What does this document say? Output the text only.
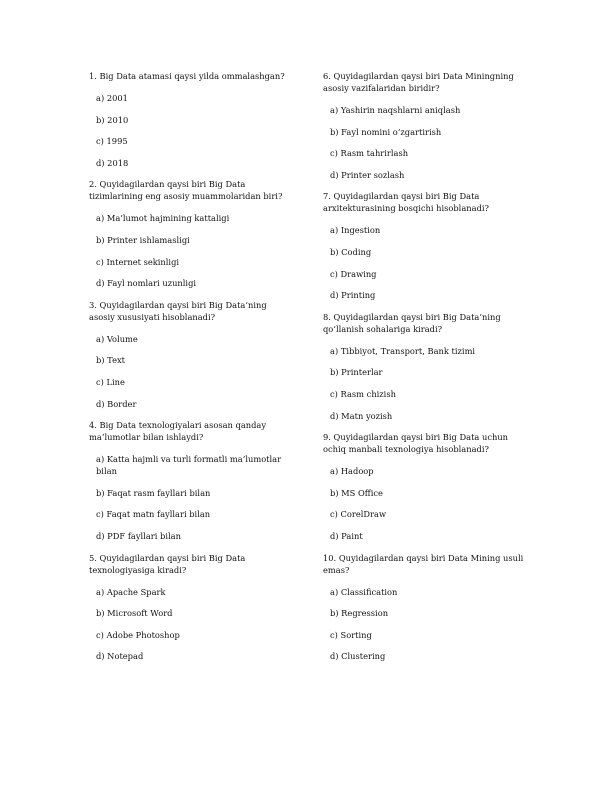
1. Big Data atamasi qaysi yilda ommalashgan?
a) 2001
b) 2010
c) 1995
d) 2018
2. Quyidagilardan qaysi biri Big Data tizimlarining eng asosiy muammolaridan biri?
a) Ma’lumot hajmining kattaligi
b) Printer ishlamasligi
c) Internet sekinligi
d) Fayl nomlari uzunligi
3. Quyidagilardan qaysi biri Big Data’ning asosiy xususiyati hisoblanadi?
a) Volume
b) Text
c) Line
d) Border
4. Big Data texnologiyalari asosan qanday ma’lumotlar bilan ishlaydi?
a) Katta hajmli va turli formatli ma’lumotlar bilan
b) Faqat rasm fayllari bilan
c) Faqat matn fayllari bilan
d) PDF fayllari bilan
5. Quyidagilardan qaysi biri Big Data texnologiyasiga kiradi?
a) Apache Spark
b) Microsoft Word
c) Adobe Photoshop
d) Notepad
6. Quyidagilardan qaysi biri Data Miningning asosiy vazifalaridan biridir?
a) Yashirin naqshlarni aniqlash
b) Fayl nomini o‘zgartirish
c) Rasm tahrirlash
d) Printer sozlash
7. Quyidagilardan qaysi biri Big Data arxitekturasining bosqichi hisoblanadi?
a) Ingestion
b) Coding
c) Drawing
d) Printing
8. Quyidagilardan qaysi biri Big Data’ning qo‘llanish sohalariga kiradi?
a) Tibbiyot, Transport, Bank tizimi
b) Printerlar
c) Rasm chizish
d) Matn yozish
9. Quyidagilardan qaysi biri Big Data uchun ochiq manbali texnologiya hisoblanadi?
a) Hadoop
b) MS Office
c) CorelDraw
d) Paint
10. Quyidagilardan qaysi biri Data Mining usuli emas?
a) Classification
b) Regression
c) Sorting
d) Clustering
